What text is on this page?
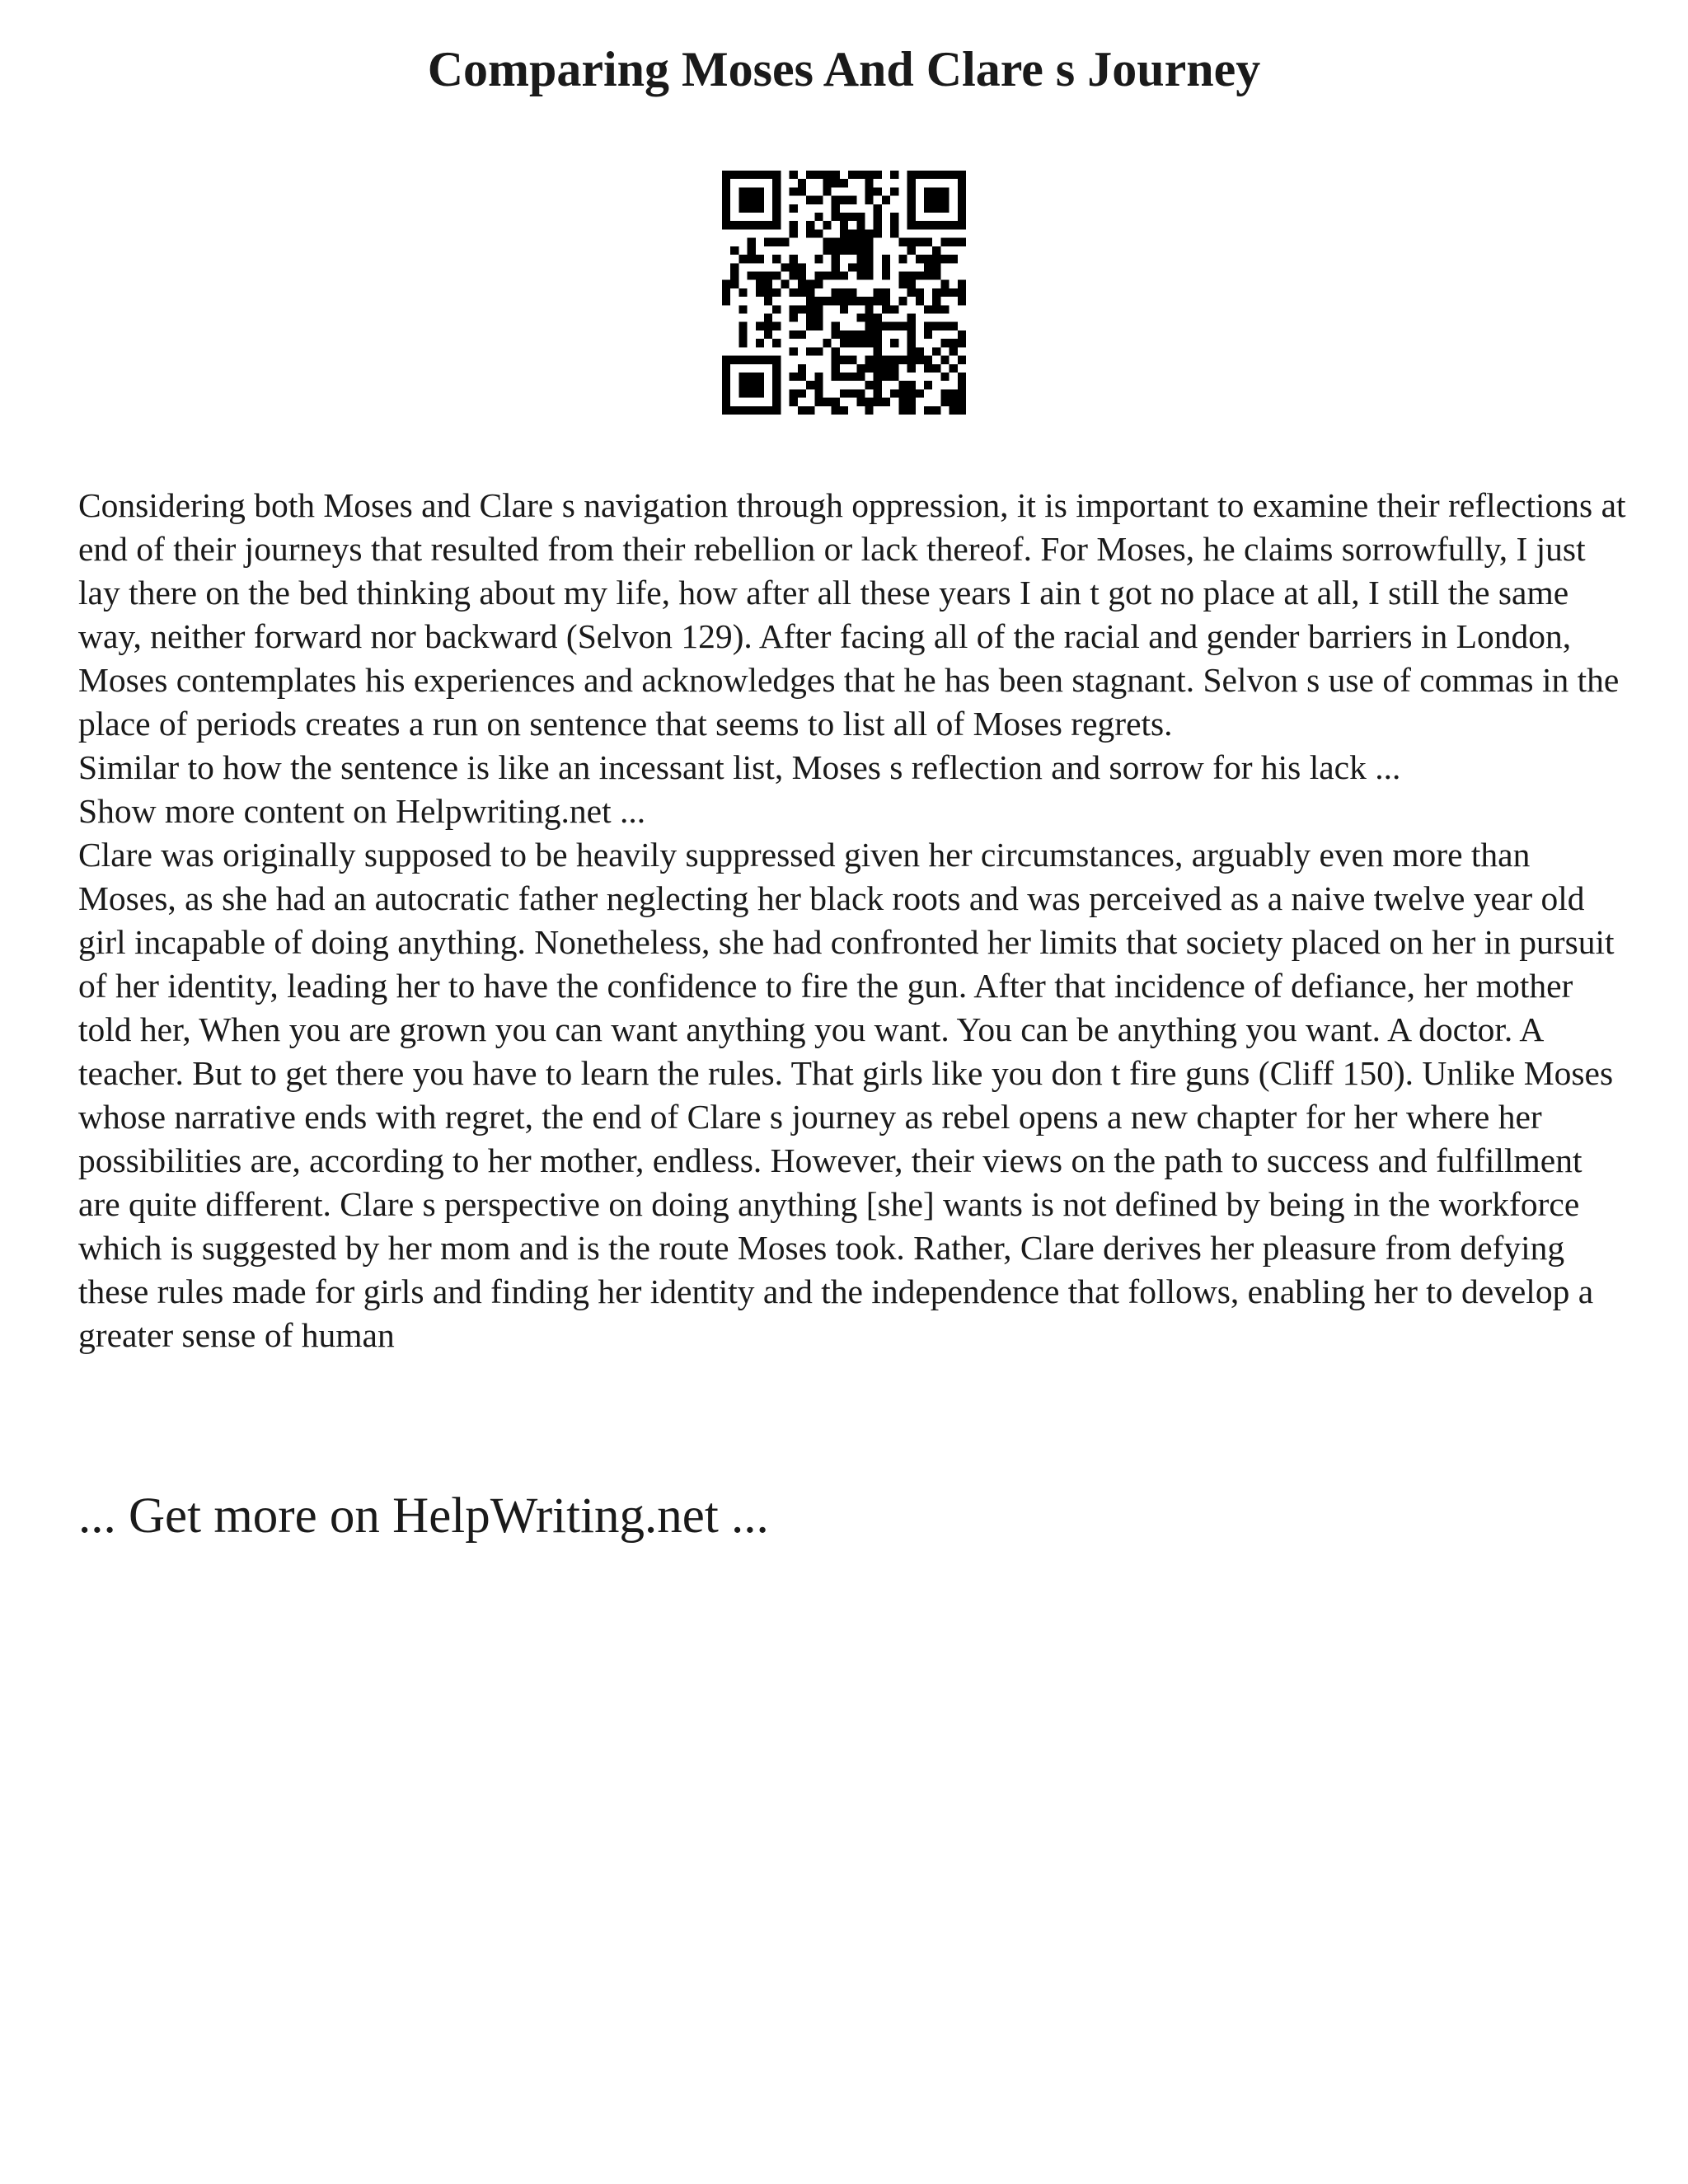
Comparing Moses And Clare s Journey

Considering both Moses and Clare s navigation through oppression, it is important to examine their reflections at end of their journeys that resulted from their rebellion or lack thereof. For Moses, he claims sorrowfully, I just lay there on the bed thinking about my life, how after all these years I ain t got no place at all, I still the same way, neither forward nor backward (Selvon 129). After facing all of the racial and gender barriers in London, Moses contemplates his experiences and acknowledges that he has been stagnant. Selvon s use of commas in the place of periods creates a run on sentence that seems to list all of Moses regrets.

Similar to how the sentence is like an incessant list, Moses s reflection and sorrow for his lack ...

Show more content on Helpwriting.net ...

Clare was originally supposed to be heavily suppressed given her circumstances, arguably even more than Moses, as she had an autocratic father neglecting her black roots and was perceived as a naive twelve year old girl incapable of doing anything. Nonetheless, she had confronted her limits that society placed on her in pursuit of her identity, leading her to have the confidence to fire the gun. After that incidence of defiance, her mother told her, When you are grown you can want anything you want. You can be anything you want. A doctor. A teacher. But to get there you have to learn the rules. That girls like you don t fire guns (Cliff 150). Unlike Moses whose narrative ends with regret, the end of Clare s journey as rebel opens a new chapter for her where her possibilities are, according to her mother, endless. However, their views on the path to success and fulfillment are quite different. Clare s perspective on doing anything [she] wants is not defined by being in the workforce which is suggested by her mom and is the route Moses took. Rather, Clare derives her pleasure from defying these rules made for girls and finding her identity and the independence that follows, enabling her to develop a greater sense of human

... Get more on HelpWriting.net ...
